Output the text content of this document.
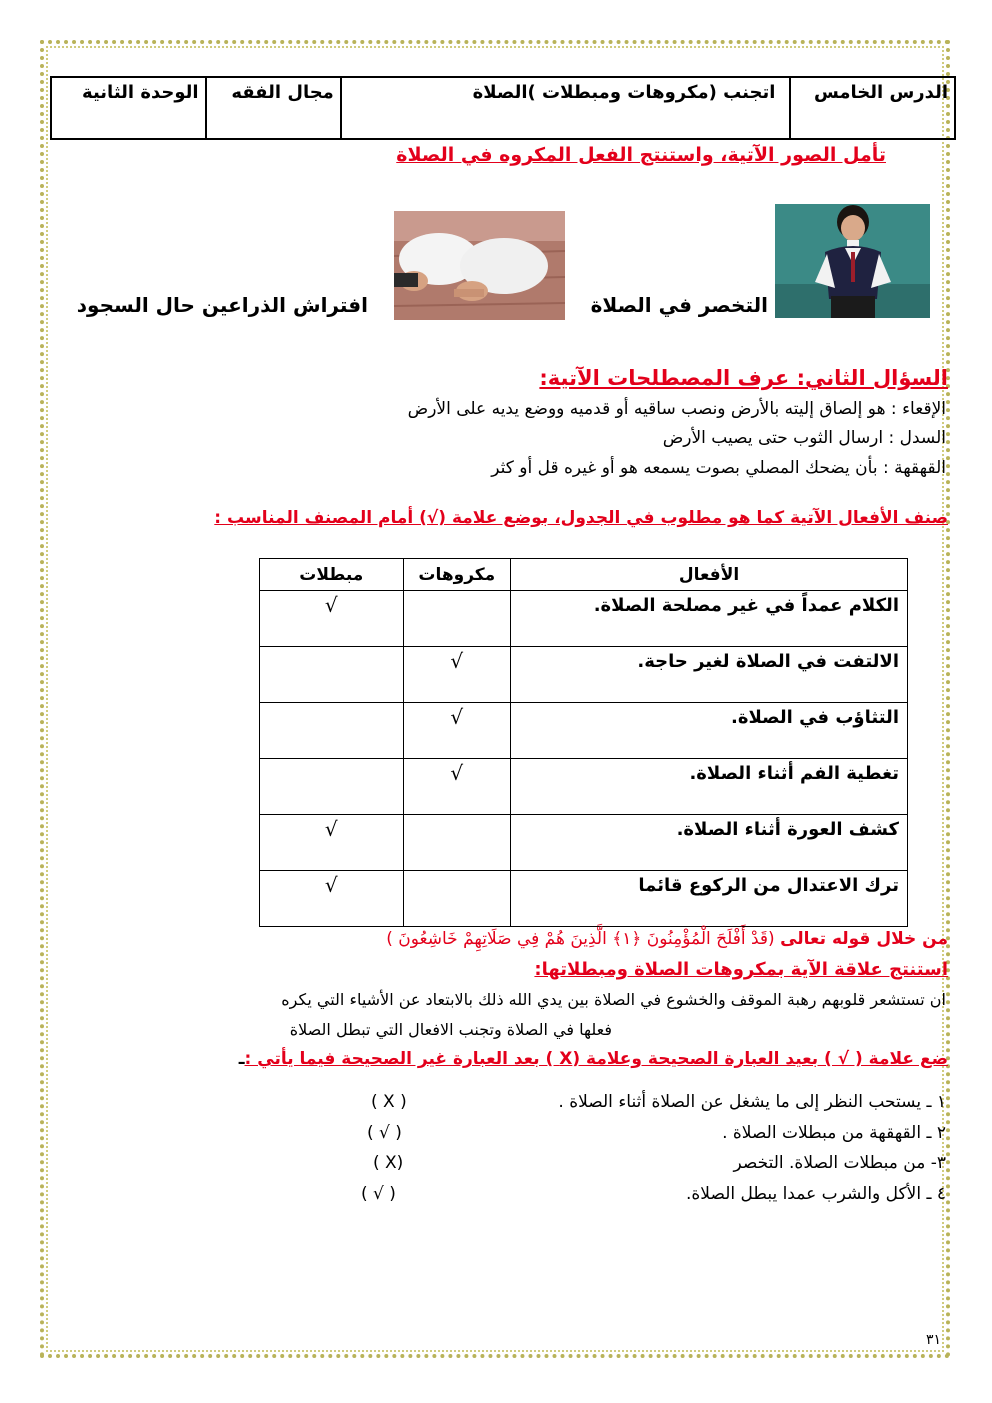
الدرس الخامس	اتجنب (مكروهات ومبطلات )الصلاة	مجال الفقه	الوحدة الثانية
تأمل الصور الآتية، واستنتج الفعل المكروه في الصلاة
التخصر في الصلاة
افتراش الذراعين حال السجود
السؤال الثاني: عرف المصطلحات الآتية:
الإقعاء : هو إلصاق إليته بالأرض ونصب ساقيه أو قدميه ووضع يديه على الأرض
السدل : ارسال الثوب حتى يصيب الأرض
القهقهة : بأن يضحك المصلي بصوت يسمعه هو أو غيره قل أو كثر
صنف الأفعال الآتية كما هو مطلوب في الجدول، بوضع علامة (√) أمام المصنف المناسب :
الأفعال	مكروهات	مبطلات
الكلام عمداً في غير مصلحة الصلاة.		√
الالتفت في الصلاة لغير حاجة.	√	
التثاؤب في الصلاة.	√	
تغطية الفم أثناء الصلاة.	√	
كشف العورة أثناء الصلاة.		√
ترك الاعتدال من الركوع قائما		√
من خلال قوله تعالى (قَدْ أَفْلَحَ الْمُؤْمِنُونَ ﴿١﴾ الَّذِينَ هُمْ فِي صَلَاتِهِمْ خَاشِعُونَ )
استنتج علاقة الآية بمكروهات الصلاة ومبطلاتها:
ان تستشعر قلوبهم رهبة الموقف والخشوع في الصلاة بين يدي الله ذلك بالابتعاد عن الأشياء التي يكره
فعلها في الصلاة وتجنب الافعال التي تبطل الصلاة
ضع علامة ( √ ) بعيد العبارة الصحيحة وعلامة (X ) بعد العبارة غير الصحيحة فيما يأتي :ـ
١ ـ يستحب النظر إلى ما يشغل عن الصلاة أثناء الصلاة .
( X )
٢ ـ القهقهة من مبطلات الصلاة .
( √ )
٣- من مبطلات الصلاة. التخصر
( X)
٤ ـ الأكل والشرب عمدا يبطل الصلاة.
( √ )
٣١
